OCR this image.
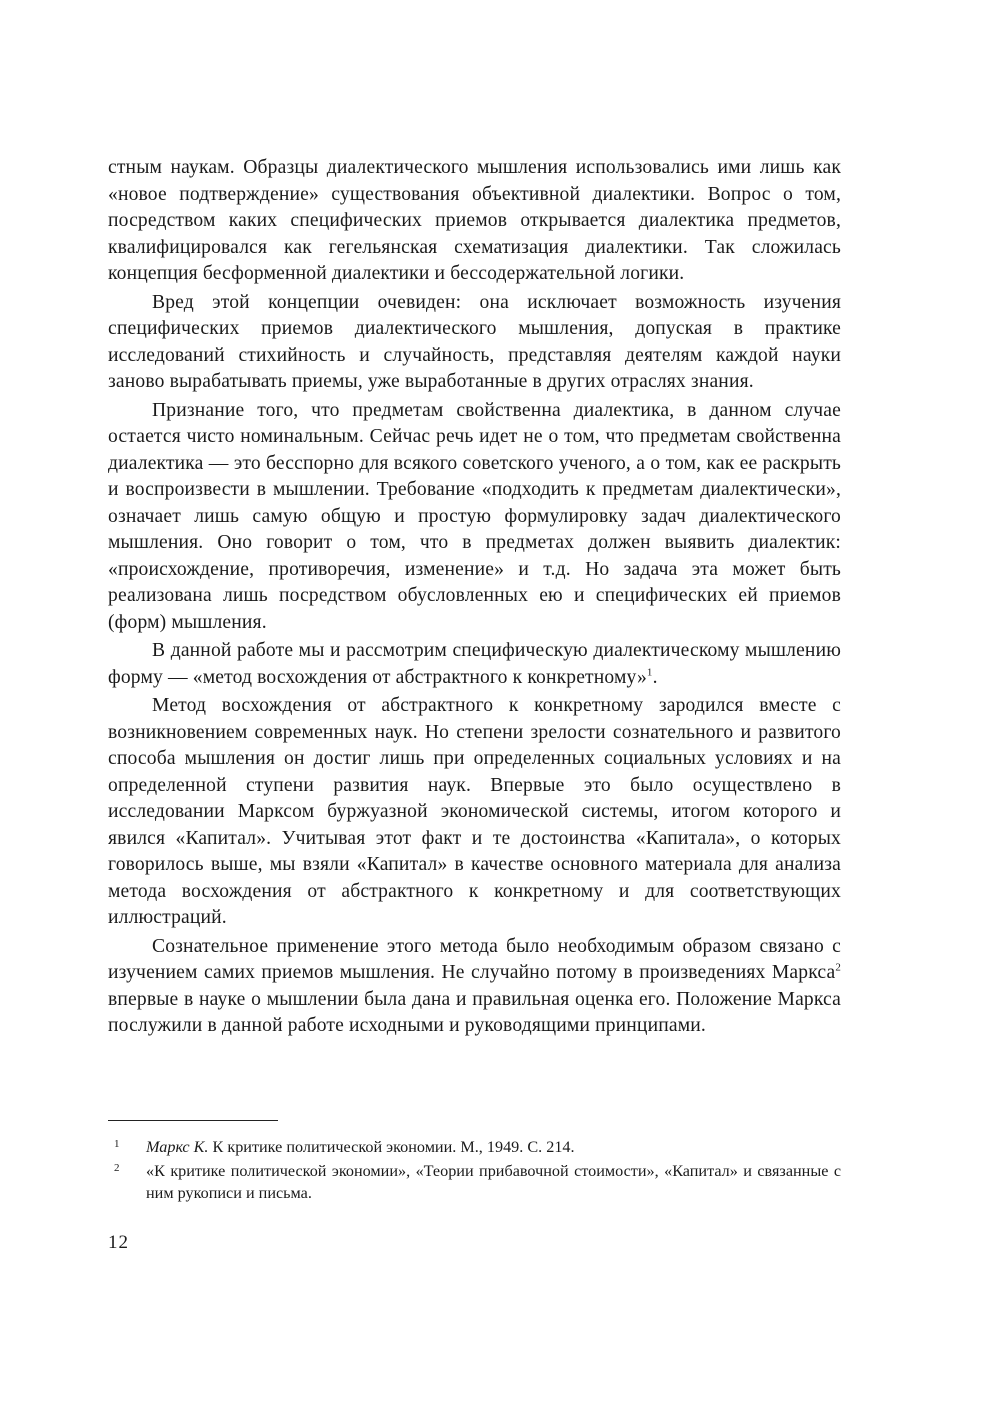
стным наукам. Образцы диалектического мышления использовались ими лишь как «новое подтверждение» существования объективной диалектики. Вопрос о том, посредством каких специфических приемов открывается диалектика предметов, квалифицировался как гегельянская схематизация диалектики. Так сложилась концепция бесформенной диалектики и бессодержательной логики.

Вред этой концепции очевиден: она исключает возможность изучения специфических приемов диалектического мышления, допуская в практике исследований стихийность и случайность, представляя деятелям каждой науки заново вырабатывать приемы, уже выработанные в других отраслях знания.

Признание того, что предметам свойственна диалектика, в данном случае остается чисто номинальным. Сейчас речь идет не о том, что предметам свойственна диалектика — это бесспорно для всякого советского ученого, а о том, как ее раскрыть и воспроизвести в мышлении. Требование «подходить к предметам диалектически», означает лишь самую общую и простую формулировку задач диалектического мышления. Оно говорит о том, что в предметах должен выявить диалектик: «происхождение, противоречия, изменение» и т.д. Но задача эта может быть реализована лишь посредством обусловленных ею и специфических ей приемов (форм) мышления.

В данной работе мы и рассмотрим специфическую диалектическому мышлению форму — «метод восхождения от абстрактного к конкретному»$^1$.

Метод восхождения от абстрактного к конкретному зародился вместе с возникновением современных наук. Но степени зрелости сознательного и развитого способа мышления он достиг лишь при определенных социальных условиях и на определенной ступени развития наук. Впервые это было осуществлено в исследовании Марксом буржуазной экономической системы, итогом которого и явился «Капитал». Учитывая этот факт и те достоинства «Капитала», о которых говорилось выше, мы взяли «Капитал» в качестве основного материала для анализа метода восхождения от абстрактного к конкретному и для соответствующих иллюстраций.

Сознательное применение этого метода было необходимым образом связано с изучением самих приемов мышления. Не случайно потому в произведениях Маркса$^2$ впервые в науке о мышлении была дана и правильная оценка его. Положение Маркса послужили в данной работе исходными и руководящими принципами.

1 Маркс К. К критике политической экономии. М., 1949. С. 214.
2 «К критике политической экономии», «Теории прибавочной стоимости», «Капитал» и связанные с ним рукописи и письма.
12
